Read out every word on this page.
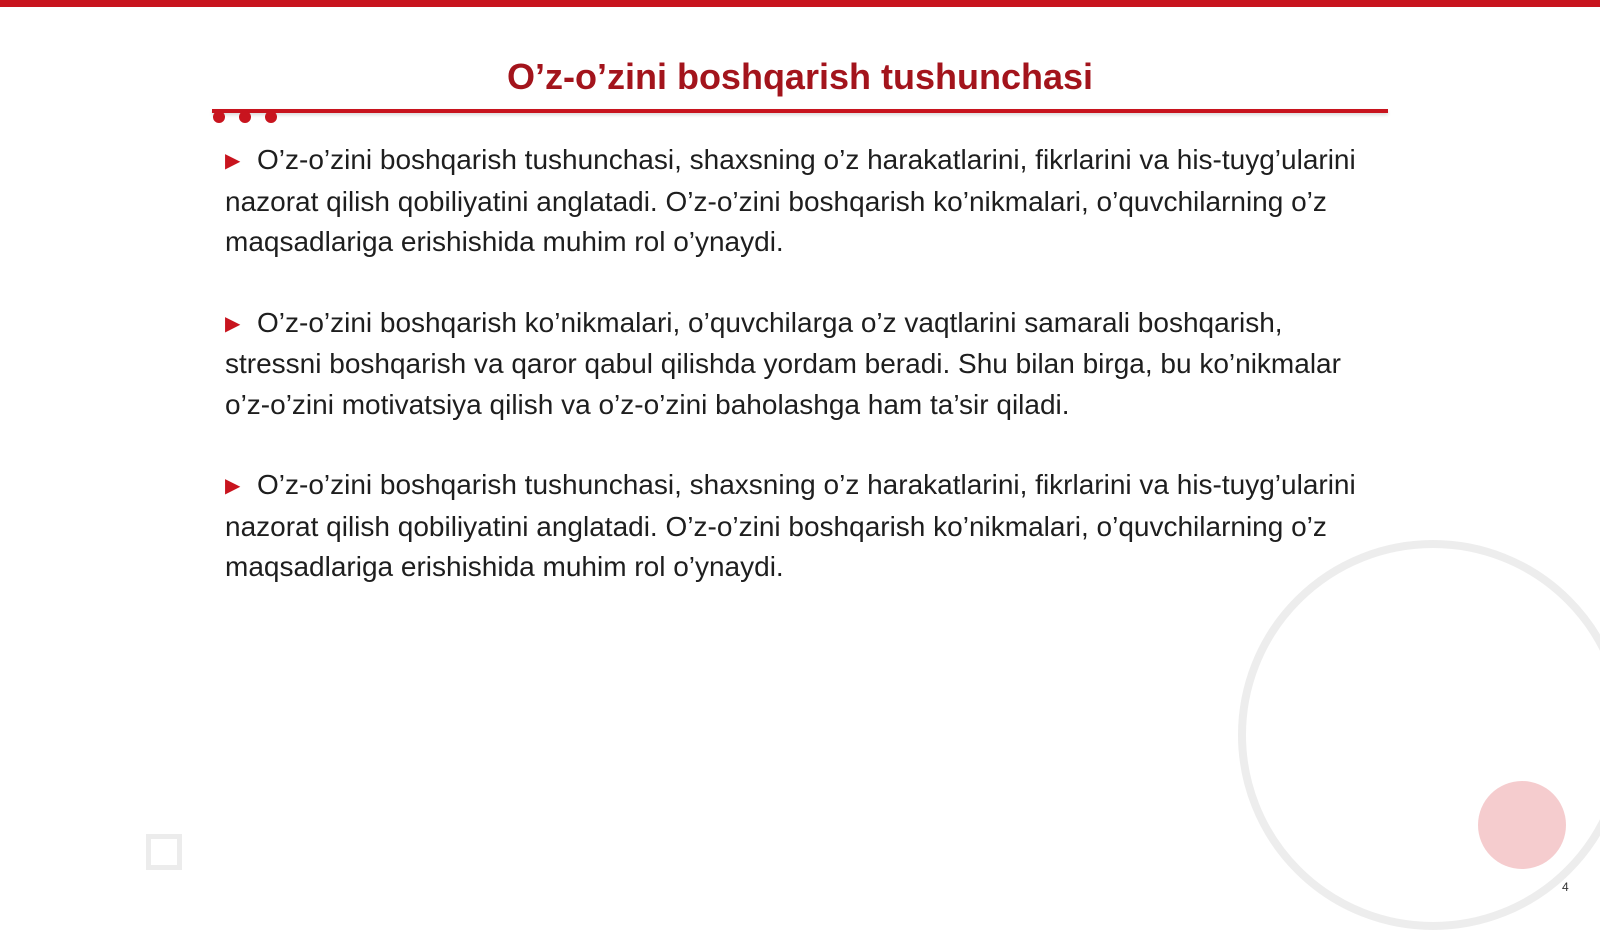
O’z-o’zini boshqarish tushunchasi

▶ O’z-o’zini boshqarish tushunchasi, shaxsning o’z harakatlarini, fikrlarini va his-tuyg’ularini nazorat qilish qobiliyatini anglatadi. O’z-o’zini boshqarish ko’nikmalari, o’quvchilarning o’z maqsadlariga erishishida muhim rol o’ynaydi.

▶ O’z-o’zini boshqarish ko’nikmalari, o’quvchilarga o’z vaqtlarini samarali boshqarish, stressni boshqarish va qaror qabul qilishda yordam beradi. Shu bilan birga, bu ko’nikmalar o’z-o’zini motivatsiya qilish va o’z-o’zini baholashga ham ta’sir qiladi.

▶ O’z-o’zini boshqarish tushunchasi, shaxsning o’z harakatlarini, fikrlarini va his-tuyg’ularini nazorat qilish qobiliyatini anglatadi. O’z-o’zini boshqarish ko’nikmalari, o’quvchilarning o’z maqsadlariga erishishida muhim rol o’ynaydi.

4
